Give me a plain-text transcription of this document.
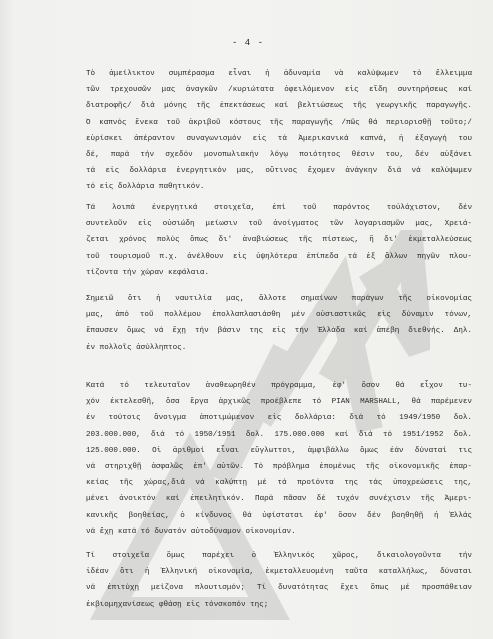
- 4 -
Τὸ ἀμείλικτον συμπέρασμα εἶναι ἡ ἀδυναμία νὰ καλύψωμεν τὸ ἔλλειμμα
τῶν τρεχουσῶν μας ἀναγκῶν /κυριώτατα ὀφειλόμενον εἰς εἴδη συντηρήσεως καί
διατροφῆς/ διά μόνης τῆς ἐπεκτάσεως καί βελτιώσεως τῆς γεωργικῆς παραγωγῆς.
Ὁ καπνός ἕνεκα τοῦ ἀκριβοῦ κόστους τῆς παραγωγῆς /πῶς θά περιορισθῇ τοῦτο;/
εὑρίσκει ἀπέραντον συναγωνισμόν εἰς τά Ἀμερικανικά καπνά, ἡ ἐξαγωγή του
δέ, παρά τήν σχεδόν μονοπωλιακήν λόγῳ ποιότητος θέσιν του, δέν αὐξάνει
τά εἰς δολλάρια ἐνεργητικόν μας, οὔτινος ἔχομεν ἀνάγκην διά νά καλύψωμεν
τό εἰς δολλάρια παθητικόν.
Τά λοιπά ἐνεργητικά στοιχεῖα, ἐπί τοῦ παρόντος τοὐλάχιστον, δέν
συντελοῦν εἰς οὐσιώδη μείωσιν τοῦ ἀνοίγματος τῶν λογαριασμῶν μας, Χρειά-
ζεται χρόνος πολύς ὅπως δι' ἀναβιώσεως τῆς πίστεως, ἢ δι' ἐκμεταλλεύσεως
τοῦ τουρισμοῦ π.χ. ἀνέλθουν εἰς ὑψηλότερα ἐπίπεδα τά ἐξ ἄλλων πηγῶν πλου-
τίζοντα τήν χώραν κεφάλαια.
Σημειῶ ὅτι ἡ ναυτιλία μας, ἄλλοτε σημαίνων παράγων τῆς οἰκονομίας
μας, ἀπό τοῦ πολλέμου ἐπολλαπλασιάσθη μέν οὐσιαστικῶς εἰς δύναμιν τόνων,
ἔπαυσεν ὅμως νά ἔχῃ τήν βάσιν της εἰς τήν Ἑλλάδα καί ἀπέβη διεθνής. Δηλ.
ἐν πολλοῖς ἀσύλληπτος.
Κατά τό τελευταῖον ἀναθεωρηθέν πρόγραμμα, ἐφ' ὅσον θά εἶχον τυ-
χόν ἐκτελεσθῆ, ὅσα ἔργα ἀρχικῶς προέβλεπε τό PIAN MARSHALL, θά παρέμενεν
ἐν τούτοις ἄνοιγμα ἀποτιμώμενον εἰς δολλάρια: διά τό 1949/1950 δολ.
203.000.000, διά τό 1950/1951 δολ. 175.000.000 καί διά τό 1951/1952 δολ.
125.000.000. Οἱ ἀριθμοί εἶναι εὔγλωττοι, ἀμφιβάλλω ὅμως ἐάν δύναταί τις
νά στηριχθῇ ἀσφαλῶς ἐπ' αὐτῶν. Τό πρόβλημα ἑπομένως τῆς οἰκονομικῆς ἐπαρ-
κείας τῆς χώρας,διά νά καλύπτῃ μέ τά προϊόντα της τάς ὑποχρεώσεις της,
μένει ἀνοικτόν καί ἐπειλητικόν. Παρά πᾶσαν δέ τυχόν συνέχισιν τῆς Ἀμερι-
κανικῆς βοηθείας, ὁ κίνδυνος θά ὑφίσταται ἐφ' ὅσον δέν βοηθηθῇ ἡ Ἑλλάς
νά ἔχῃ κατά τό δυνατόν αὐτοδύναμον οἰκονομίαν.
Τί στοιχεῖα ὅμως παρέχει ὁ Ἑλληνικός χῶρος, δικαιολογοῦντα τήν
ἰδέαν ὅτι ἡ Ἑλληνική οἰκονομία, ἐκμεταλλευομένη ταῦτα καταλλήλως, δύναται
νά ἐπιτύχῃ μείζονα πλουτισμόν; Τί δυνατότητας ἔχει ὅπως μέ προσπάθειαν
ἐκβιομηχανίσεως φθάσῃ εἰς τόνσκοπόν της;
